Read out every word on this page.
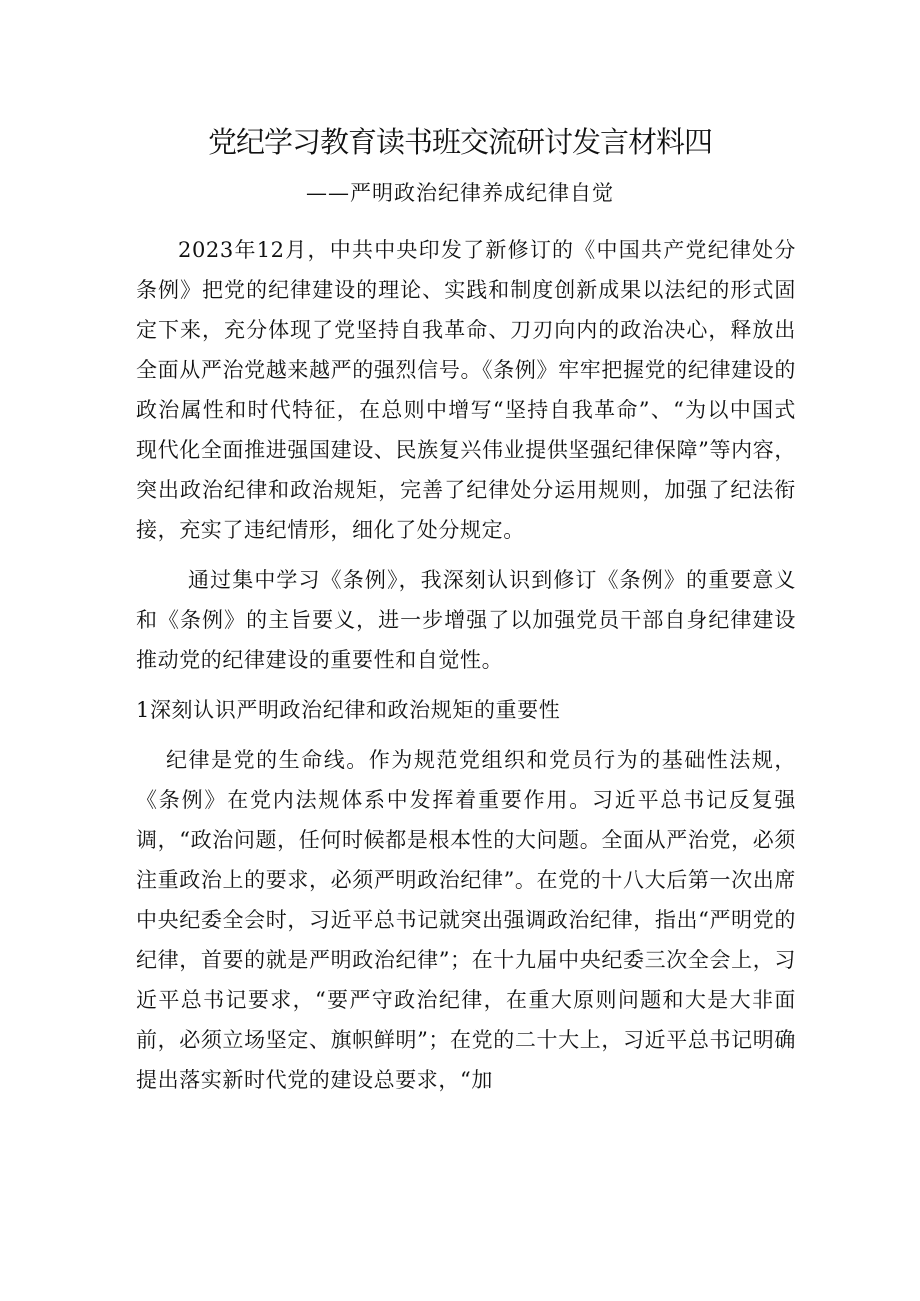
党纪学习教育读书班交流研讨发言材料四
——严明政治纪律养成纪律自觉

2023年12月，中共中央印发了新修订的《中国共产党纪律处分条例》把党的纪律建设的理论、实践和制度创新成果以法纪的形式固定下来，充分体现了党坚持自我革命、刀刃向内的政治决心，释放出全面从严治党越来越严的强烈信号。《条例》牢牢把握党的纪律建设的政治属性和时代特征，在总则中增写“坚持自我革命”、“为以中国式现代化全面推进强国建设、民族复兴伟业提供坚强纪律保障”等内容，突出政治纪律和政治规矩，完善了纪律处分运用规则，加强了纪法衔接，充实了违纪情形，细化了处分规定。

通过集中学习《条例》，我深刻认识到修订《条例》的重要意义和《条例》的主旨要义，进一步增强了以加强党员干部自身纪律建设推动党的纪律建设的重要性和自觉性。

1深刻认识严明政治纪律和政治规矩的重要性

纪律是党的生命线。作为规范党组织和党员行为的基础性法规，《条例》在党内法规体系中发挥着重要作用。习近平总书记反复强调，“政治问题，任何时候都是根本性的大问题。全面从严治党，必须注重政治上的要求，必须严明政治纪律”。在党的十八大后第一次出席中央纪委全会时，习近平总书记就突出强调政治纪律，指出“严明党的纪律，首要的就是严明政治纪律”；在十九届中央纪委三次全会上，习近平总书记要求，“要严守政治纪律，在重大原则问题和大是大非面前，必须立场坚定、旗帜鲜明”；在党的二十大上，习近平总书记明确提出落实新时代党的建设总要求，“加
